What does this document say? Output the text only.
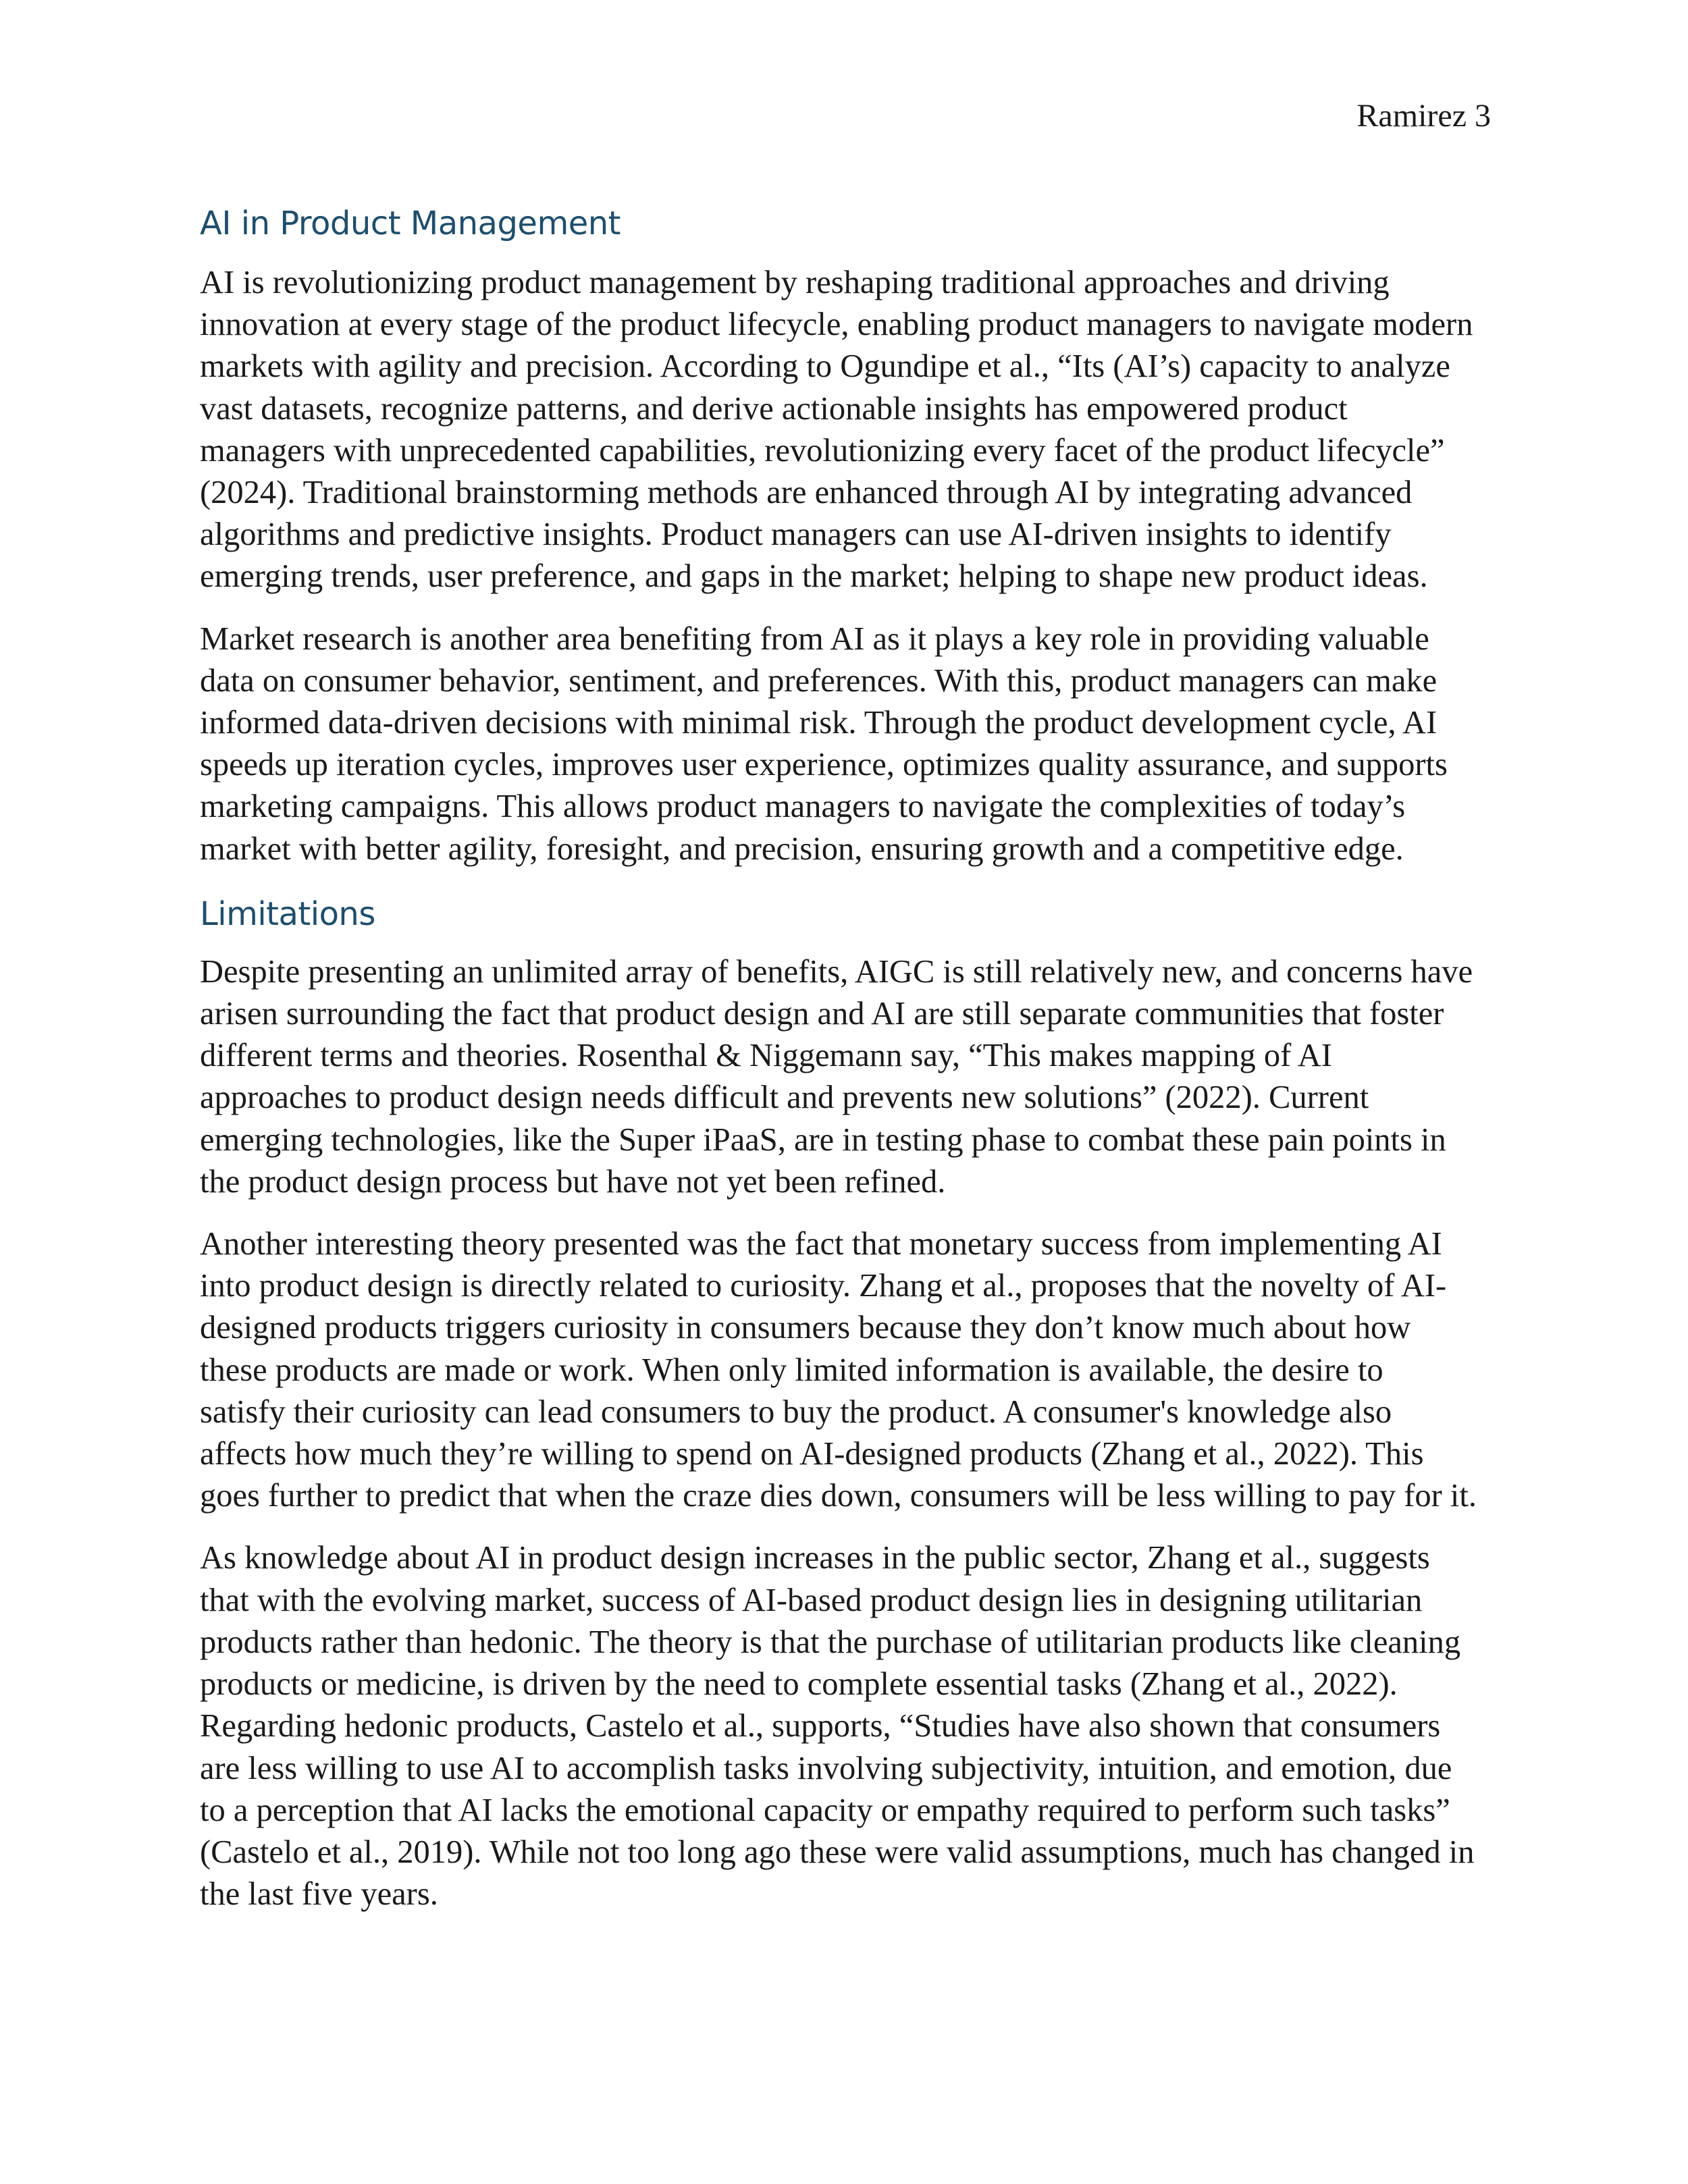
Ramirez 3
AI in Product Management

AI is revolutionizing product management by reshaping traditional approaches and driving
innovation at every stage of the product lifecycle, enabling product managers to navigate modern
markets with agility and precision. According to Ogundipe et al., “Its (AI’s) capacity to analyze
vast datasets, recognize patterns, and derive actionable insights has empowered product
managers with unprecedented capabilities, revolutionizing every facet of the product lifecycle”
(2024). Traditional brainstorming methods are enhanced through AI by integrating advanced
algorithms and predictive insights. Product managers can use AI-driven insights to identify
emerging trends, user preference, and gaps in the market; helping to shape new product ideas.

Market research is another area benefiting from AI as it plays a key role in providing valuable
data on consumer behavior, sentiment, and preferences. With this, product managers can make
informed data-driven decisions with minimal risk. Through the product development cycle, AI
speeds up iteration cycles, improves user experience, optimizes quality assurance, and supports
marketing campaigns. This allows product managers to navigate the complexities of today’s
market with better agility, foresight, and precision, ensuring growth and a competitive edge.

Limitations

Despite presenting an unlimited array of benefits, AIGC is still relatively new, and concerns have
arisen surrounding the fact that product design and AI are still separate communities that foster
different terms and theories. Rosenthal & Niggemann say, “This makes mapping of AI
approaches to product design needs difficult and prevents new solutions” (2022). Current
emerging technologies, like the Super iPaaS, are in testing phase to combat these pain points in
the product design process but have not yet been refined.

Another interesting theory presented was the fact that monetary success from implementing AI
into product design is directly related to curiosity. Zhang et al., proposes that the novelty of AI-
designed products triggers curiosity in consumers because they don’t know much about how
these products are made or work. When only limited information is available, the desire to
satisfy their curiosity can lead consumers to buy the product. A consumer's knowledge also
affects how much they’re willing to spend on AI-designed products (Zhang et al., 2022). This
goes further to predict that when the craze dies down, consumers will be less willing to pay for it.

As knowledge about AI in product design increases in the public sector, Zhang et al., suggests
that with the evolving market, success of AI-based product design lies in designing utilitarian
products rather than hedonic. The theory is that the purchase of utilitarian products like cleaning
products or medicine, is driven by the need to complete essential tasks (Zhang et al., 2022).
Regarding hedonic products, Castelo et al., supports, “Studies have also shown that consumers
are less willing to use AI to accomplish tasks involving subjectivity, intuition, and emotion, due
to a perception that AI lacks the emotional capacity or empathy required to perform such tasks”
(Castelo et al., 2019). While not too long ago these were valid assumptions, much has changed in
the last five years.
